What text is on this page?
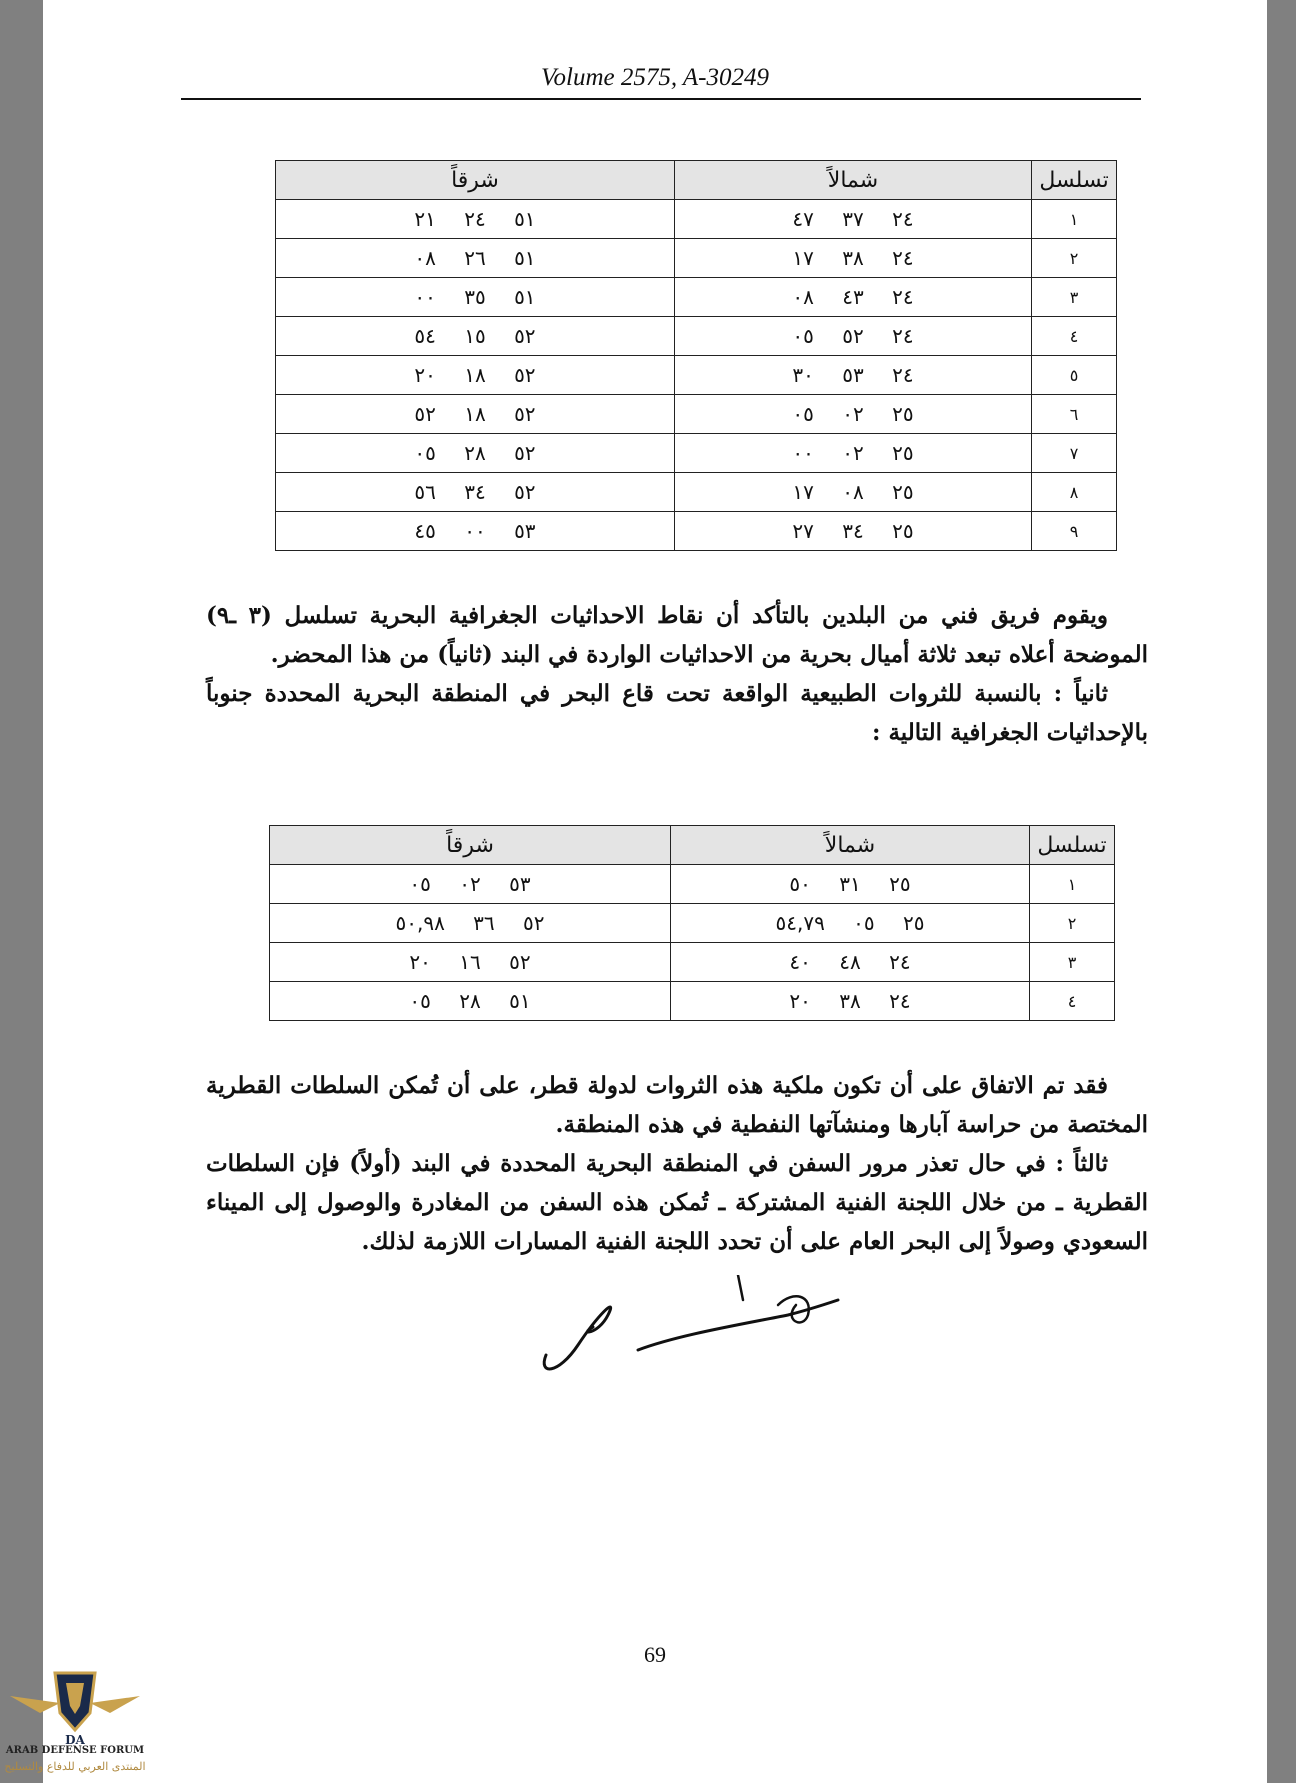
Volume 2575, A-30249
تسلسل	شمالاً	شرقاً
١	٢٤ ٣٧ ٤٧	٥١ ٢٤ ٢١
٢	٢٤ ٣٨ ١٧	٥١ ٢٦ ٠٨
٣	٢٤ ٤٣ ٠٨	٥١ ٣٥ ٠٠
٤	٢٤ ٥٢ ٠٥	٥٢ ١٥ ٥٤
٥	٢٤ ٥٣ ٣٠	٥٢ ١٨ ٢٠
٦	٢٥ ٠٢ ٠٥	٥٢ ١٨ ٥٢
٧	٢٥ ٠٢ ٠٠	٥٢ ٢٨ ٠٥
٨	٢٥ ٠٨ ١٧	٥٢ ٣٤ ٥٦
٩	٢٥ ٣٤ ٢٧	٥٣ ٠٠ ٤٥

ويقوم فريق فني من البلدين بالتأكد أن نقاط الاحداثيات الجغرافية البحرية تسلسل (٣ ـ٩) الموضحة أعلاه تبعد ثلاثة أميال بحرية من الاحداثيات الواردة في البند (ثانياً) من هذا المحضر.

ثانياً : بالنسبة للثروات الطبيعية الواقعة تحت قاع البحر في المنطقة البحرية المحددة جنوباً بالإحداثيات الجغرافية التالية :

تسلسل	شمالاً	شرقاً
١	٢٥ ٣١ ٥٠	٥٣ ٠٢ ٠٥
٢	٢٥ ٠٥ ٥٤,٧٩	٥٢ ٣٦ ٥٠,٩٨
٣	٢٤ ٤٨ ٤٠	٥٢ ١٦ ٢٠
٤	٢٤ ٣٨ ٢٠	٥١ ٢٨ ٠٥

فقد تم الاتفاق على أن تكون ملكية هذه الثروات لدولة قطر، على أن تُمكن السلطات القطرية المختصة من حراسة آبارها ومنشآتها النفطية في هذه المنطقة.

ثالثاً : في حال تعذر مرور السفن في المنطقة البحرية المحددة في البند (أولاً) فإن السلطات القطرية ـ من خلال اللجنة الفنية المشتركة ـ تُمكن هذه السفن من المغادرة والوصول إلى الميناء السعودي وصولاً إلى البحر العام على أن تحدد اللجنة الفنية المسارات اللازمة لذلك.

69
DA
ARAB DEFENSE FORUM
المنتدى العربي للدفاع والتسليح
